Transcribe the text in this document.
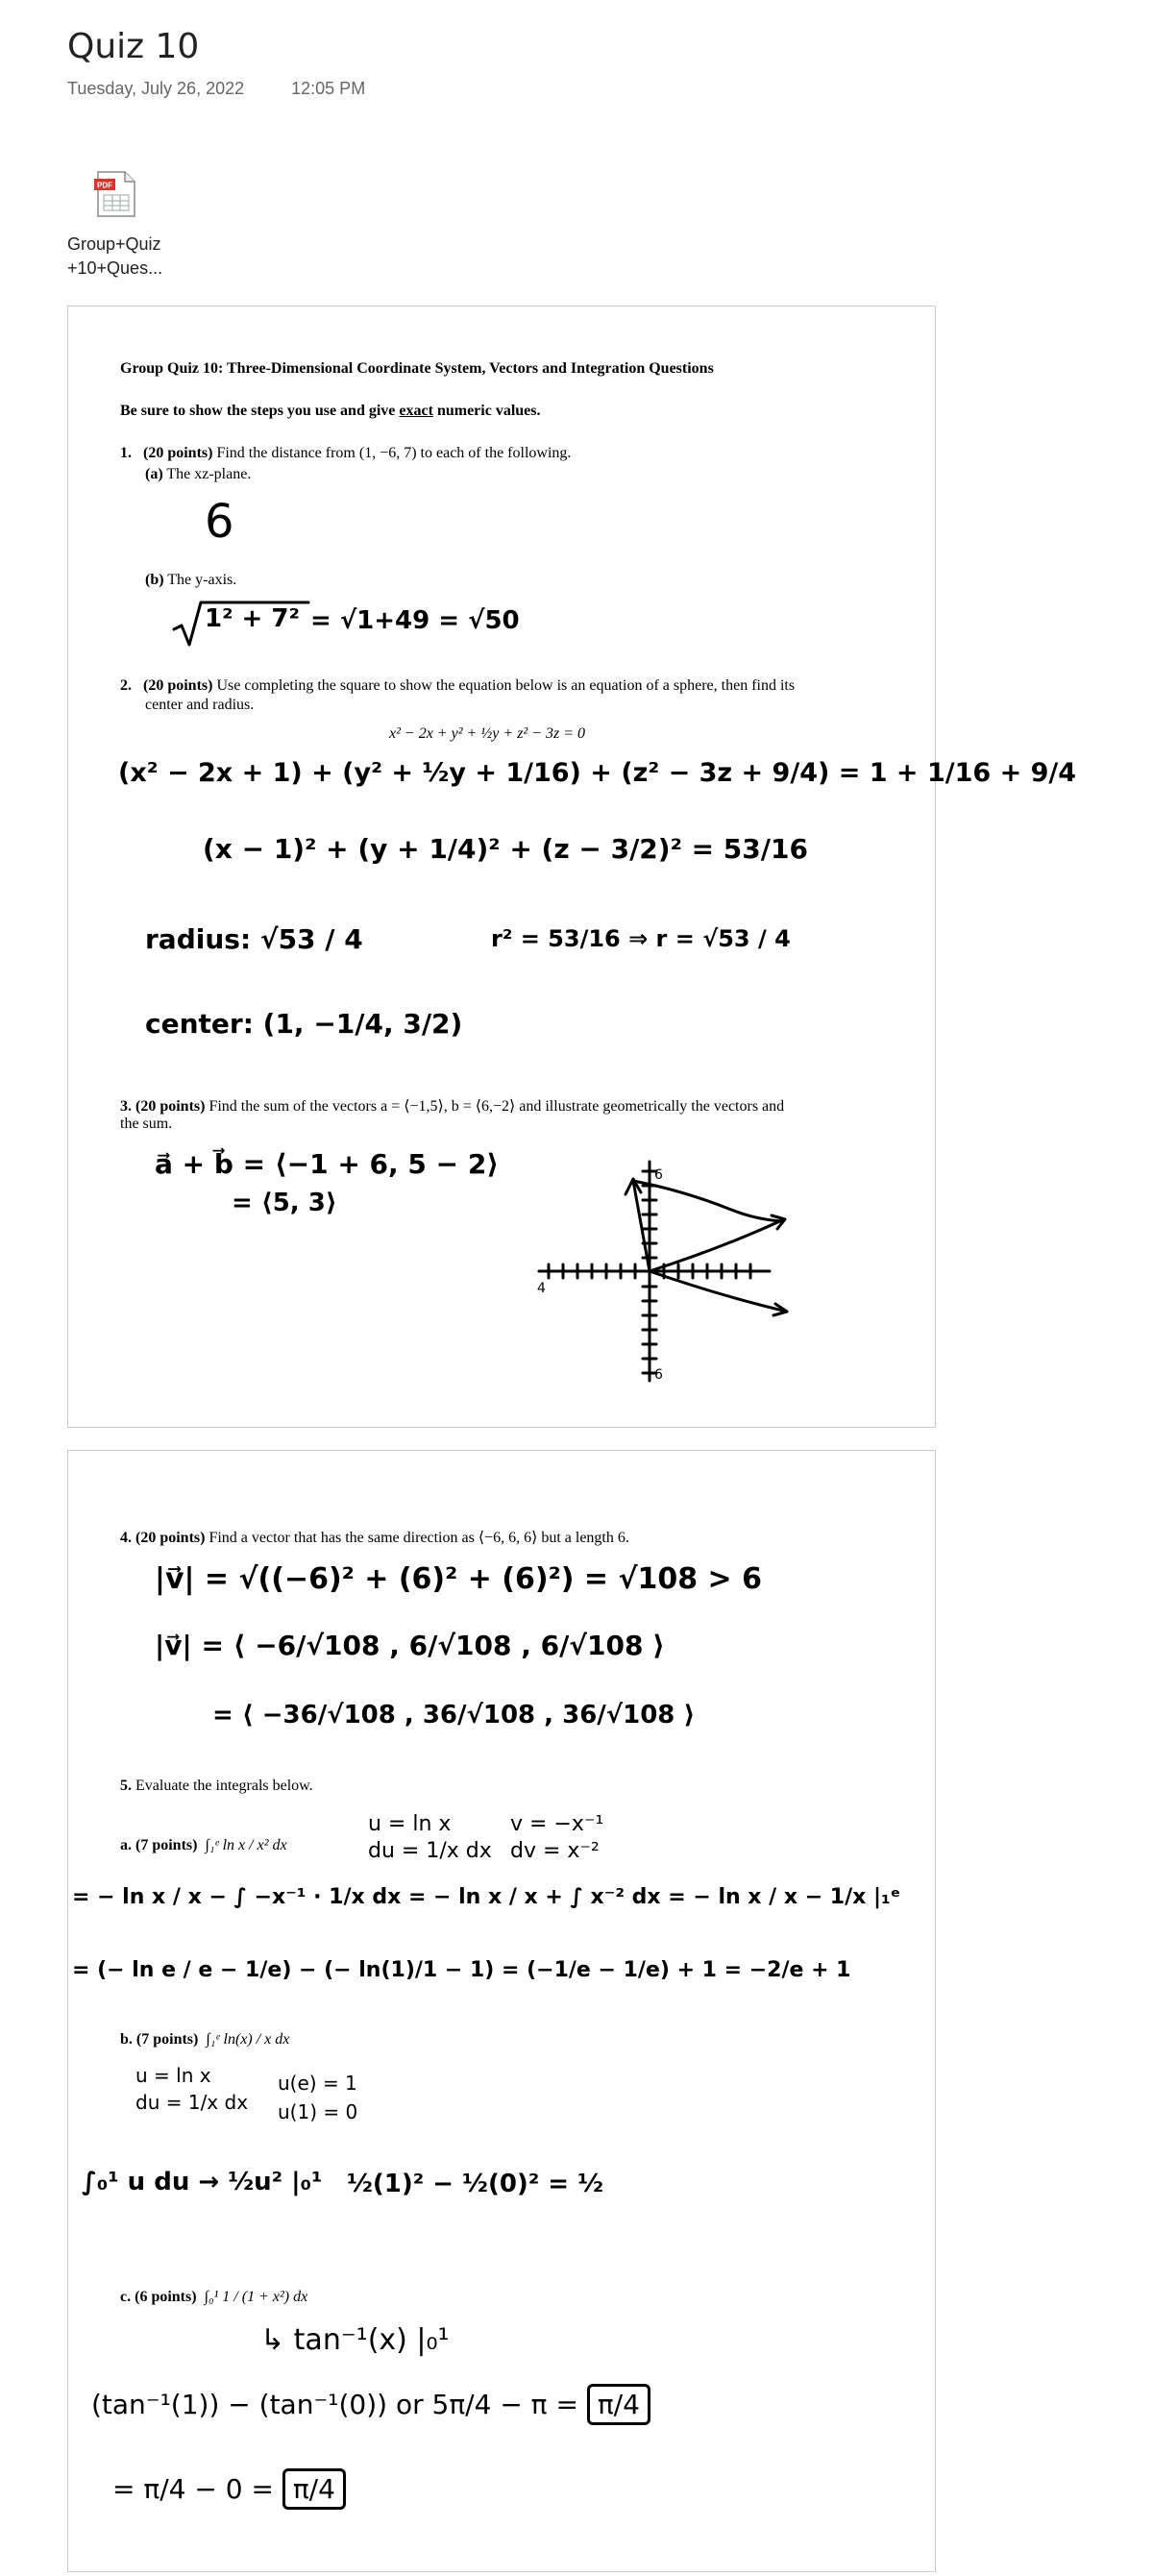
Quiz 10
Tuesday, July 26, 2022	12:05 PM
PDF
Group+Quiz
+10+Ques...
Group Quiz 10: Three-Dimensional Coordinate System, Vectors and Integration Questions
Be sure to show the steps you use and give exact numeric values.
1. (20 points) Find the distance from (1, −6, 7) to each of the following.
(a) The xz-plane.
6
(b) The y-axis.
1² + 7² = √1+49 = √50
2. (20 points) Use completing the square to show the equation below is an equation of a sphere, then find its
center and radius.
x² − 2x + y² + ½y + z² − 3z = 0
(x² − 2x + 1) + (y² + ½y + 1/16) + (z² − 3z + 9/4) = 1 + 1/16 + 9/4
(x − 1)² + (y + 1/4)² + (z − 3/2)² = 53/16
radius: √53 / 4	r² = 53/16 ⇒ r = √53 / 4
center: (1, −1/4, 3/2)
3. (20 points) Find the sum of the vectors a = ⟨−1,5⟩, b = ⟨6,−2⟩ and illustrate geometrically the vectors and
the sum.
a⃗ + b⃗ = ⟨−1 + 6, 5 − 2⟩
= ⟨5, 3⟩
6
4
6
4. (20 points) Find a vector that has the same direction as ⟨−6, 6, 6⟩ but a length 6.
|v⃗| = √((−6)² + (6)² + (6)²) = √108 > 6
|v⃗| = ⟨ −6/√108 , 6/√108 , 6/√108 ⟩
= ⟨ −36/√108 , 36/√108 , 36/√108 ⟩
5. Evaluate the integrals below.
a. (7 points) ∫₁ᵉ ln x / x² dx
u = ln x
du = 1/x dx
v = −x⁻¹
dv = x⁻²
= − ln x / x − ∫ −x⁻¹ · 1/x dx = − ln x / x + ∫ x⁻² dx = − ln x / x − 1/x |₁ᵉ
= (− ln e / e − 1/e) − (− ln(1)/1 − 1) = (−1/e − 1/e) + 1 = −2/e + 1
b. (7 points) ∫₁ᵉ ln(x) / x dx
u = ln x
du = 1/x dx
u(e) = 1
u(1) = 0
∫₀¹ u du → ½u² |₀¹ ½(1)² − ½(0)² = ½
c. (6 points) ∫₀¹ 1 / (1 + x²) dx
↳ tan⁻¹(x) |₀¹
(tan⁻¹(1)) − (tan⁻¹(0)) or 5π/4 − π = π/4
= π/4 − 0 = π/4
